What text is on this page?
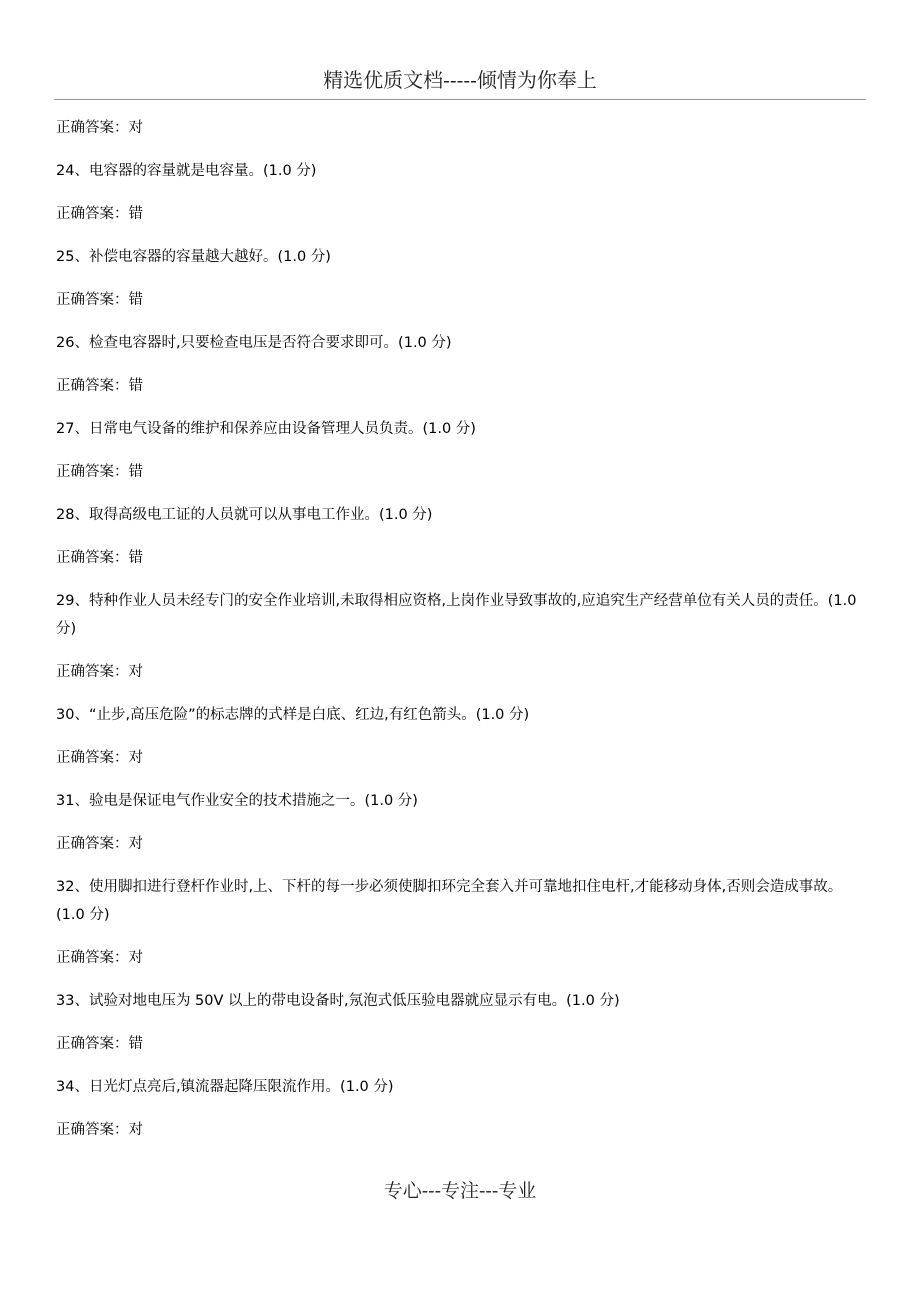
精选优质文档-----倾情为你奉上

正确答案：对

24、电容器的容量就是电容量。(1.0 分)

正确答案：错

25、补偿电容器的容量越大越好。(1.0 分)

正确答案：错

26、检查电容器时,只要检查电压是否符合要求即可。(1.0 分)

正确答案：错

27、日常电气设备的维护和保养应由设备管理人员负责。(1.0 分)

正确答案：错

28、取得高级电工证的人员就可以从事电工作业。(1.0 分)

正确答案：错

29、特种作业人员未经专门的安全作业培训,未取得相应资格,上岗作业导致事故的,应追究生产经营单位有关人员的责任。(1.0 分)

正确答案：对

30、“止步,高压危险”的标志牌的式样是白底、红边,有红色箭头。(1.0 分)

正确答案：对

31、验电是保证电气作业安全的技术措施之一。(1.0 分)

正确答案：对

32、使用脚扣进行登杆作业时,上、下杆的每一步必须使脚扣环完全套入并可靠地扣住电杆,才能移动身体,否则会造成事故。(1.0 分)

正确答案：对

33、试验对地电压为 50V 以上的带电设备时,氖泡式低压验电器就应显示有电。(1.0 分)

正确答案：错

34、日光灯点亮后,镇流器起降压限流作用。(1.0 分)

正确答案：对

专心---专注---专业
